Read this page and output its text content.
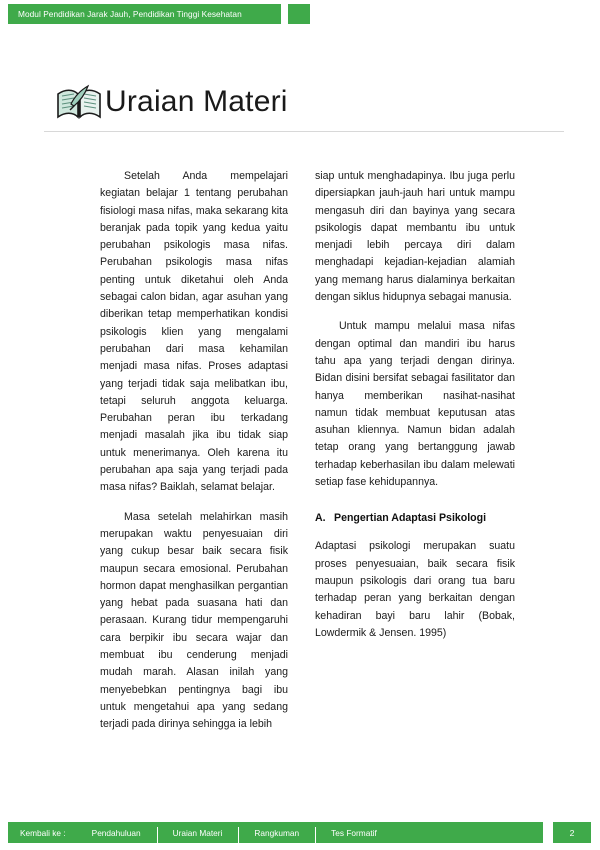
Modul Pendidikan Jarak Jauh, Pendidikan Tinggi Kesehatan
Uraian Materi

Setelah Anda mempelajari kegiatan belajar 1 tentang perubahan fisiologi masa nifas, maka sekarang kita beranjak pada topik yang kedua yaitu perubahan psikologis masa nifas. Perubahan psikologis masa nifas penting untuk diketahui oleh Anda sebagai calon bidan, agar asuhan yang diberikan tetap memperhatikan kondisi psikologis klien yang mengalami perubahan dari masa kehamilan menjadi masa nifas. Proses adaptasi yang terjadi tidak saja melibatkan ibu, tetapi seluruh anggota keluarga. Perubahan peran ibu terkadang menjadi masalah jika ibu tidak siap untuk menerimanya. Oleh karena itu perubahan apa saja yang terjadi pada masa nifas? Baiklah, selamat belajar.

Masa setelah melahirkan masih merupakan waktu penyesuaian diri yang cukup besar baik secara fisik maupun secara emosional. Perubahan hormon dapat menghasilkan pergantian yang hebat pada suasana hati dan perasaan. Kurang tidur mempengaruhi cara berpikir ibu secara wajar dan membuat ibu cenderung menjadi mudah marah. Alasan inilah yang menyebebkan pentingnya bagi ibu untuk mengetahui apa yang sedang terjadi pada dirinya sehingga ia lebih

siap untuk menghadapinya. Ibu juga perlu dipersiapkan jauh-jauh hari untuk mampu mengasuh diri dan bayinya yang secara psikologis dapat membantu ibu untuk menjadi lebih percaya diri dalam menghadapi kejadian-kejadian alamiah yang memang harus dialaminya berkaitan dengan siklus hidupnya sebagai manusia.

Untuk mampu melalui masa nifas dengan optimal dan mandiri ibu harus tahu apa yang terjadi dengan dirinya. Bidan disini bersifat sebagai fasilitator dan hanya memberikan nasihat-nasihat namun tidak membuat keputusan atas asuhan kliennya. Namun bidan adalah tetap orang yang bertanggung jawab terhadap keberhasilan ibu dalam melewati setiap fase kehidupannya.

A. Pengertian Adaptasi Psikologi

Adaptasi psikologi merupakan suatu proses penyesuaian, baik secara fisik maupun psikologis dari orang tua baru terhadap peran yang berkaitan dengan kehadiran bayi baru lahir (Bobak, Lowdermik & Jensen. 1995)

Kembali ke :	Pendahuluan	Uraian Materi	Rangkuman	Tes Formatif	2
